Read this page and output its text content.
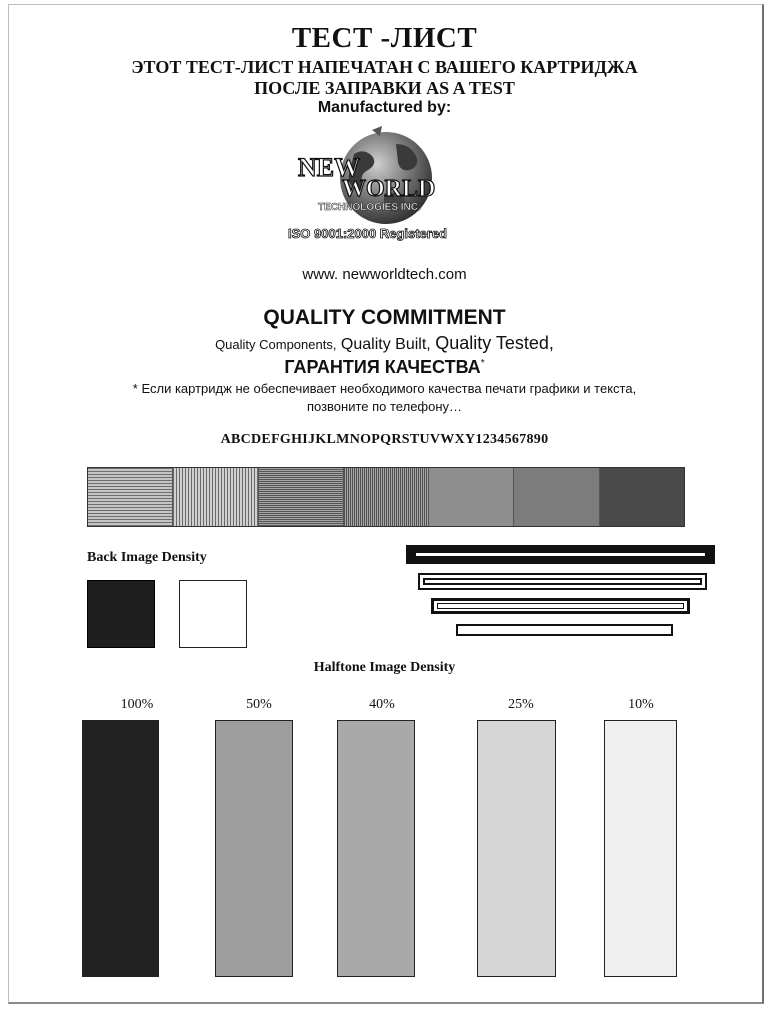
ТЕСТ -ЛИСТ
ЭТОТ ТЕСТ-ЛИСТ НАПЕЧАТАН С ВАШЕГО КАРТРИДЖА
ПОСЛЕ ЗАПРАВКИ AS A TEST
Manufactured by:
NEW
WORLD
TECHNOLOGIES INC.
ISO 9001:2000 Registered
www. newworldtech.com
QUALITY COMMITMENT
Quality Components, Quality Built, Quality Tested,
ГАРАНТИЯ КАЧЕСТВА*
* Если картридж не обеспечивает необходимого качества печати графики и текста,
позвоните по телефону…
ABCDEFGHIJKLMNOPQRSTUVWXY1234567890
Back Image Density
Halftone Image Density
100%	50%	40%	25%	10%
